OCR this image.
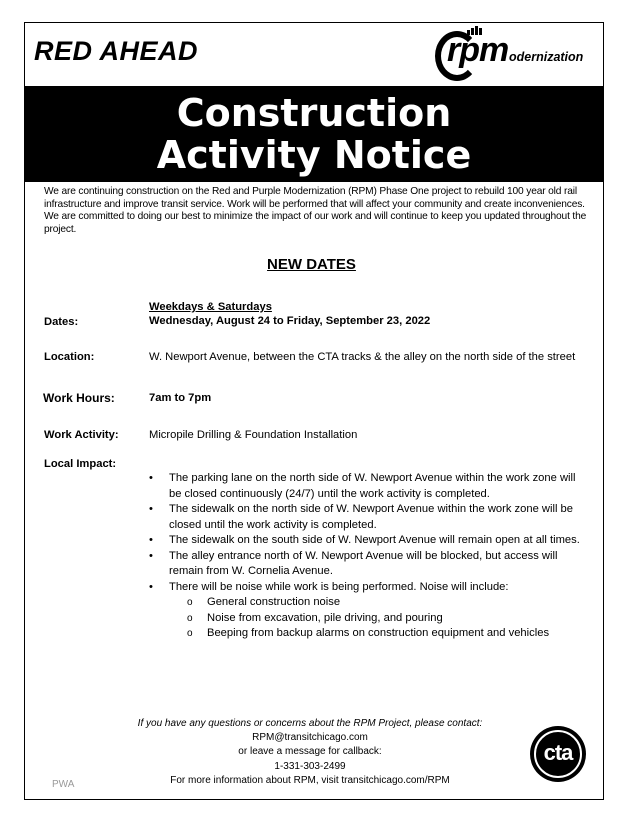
RED AHEAD	rpm odernization
Construction
Activity Notice
We are continuing construction on the Red and Purple Modernization (RPM) Phase One project to rebuild 100 year old rail infrastructure and improve transit service. Work will be performed that will affect your community and create inconveniences. We are committed to doing our best to minimize the impact of our work and will continue to keep you updated throughout the project.
NEW DATES
Dates:
Weekdays & Saturdays
Wednesday, August 24 to Friday, September 23, 2022
Location:	W. Newport Avenue, between the CTA tracks & the alley on the north side of the street
Work Hours:	7am to 7pm
Work Activity:	Micropile Drilling & Foundation Installation
Local Impact:
• The parking lane on the north side of W. Newport Avenue within the work zone will be closed continuously (24/7) until the work activity is completed.
• The sidewalk on the north side of W. Newport Avenue within the work zone will be closed until the work activity is completed.
• The sidewalk on the south side of W. Newport Avenue will remain open at all times.
• The alley entrance north of W. Newport Avenue will be blocked, but access will remain from W. Cornelia Avenue.
• There will be noise while work is being performed. Noise will include:
o General construction noise
o Noise from excavation, pile driving, and pouring
o Beeping from backup alarms on construction equipment and vehicles
If you have any questions or concerns about the RPM Project, please contact:
RPM@transitchicago.com
or leave a message for callback:
1-331-303-2499
For more information about RPM, visit transitchicago.com/RPM
PWA
cta
